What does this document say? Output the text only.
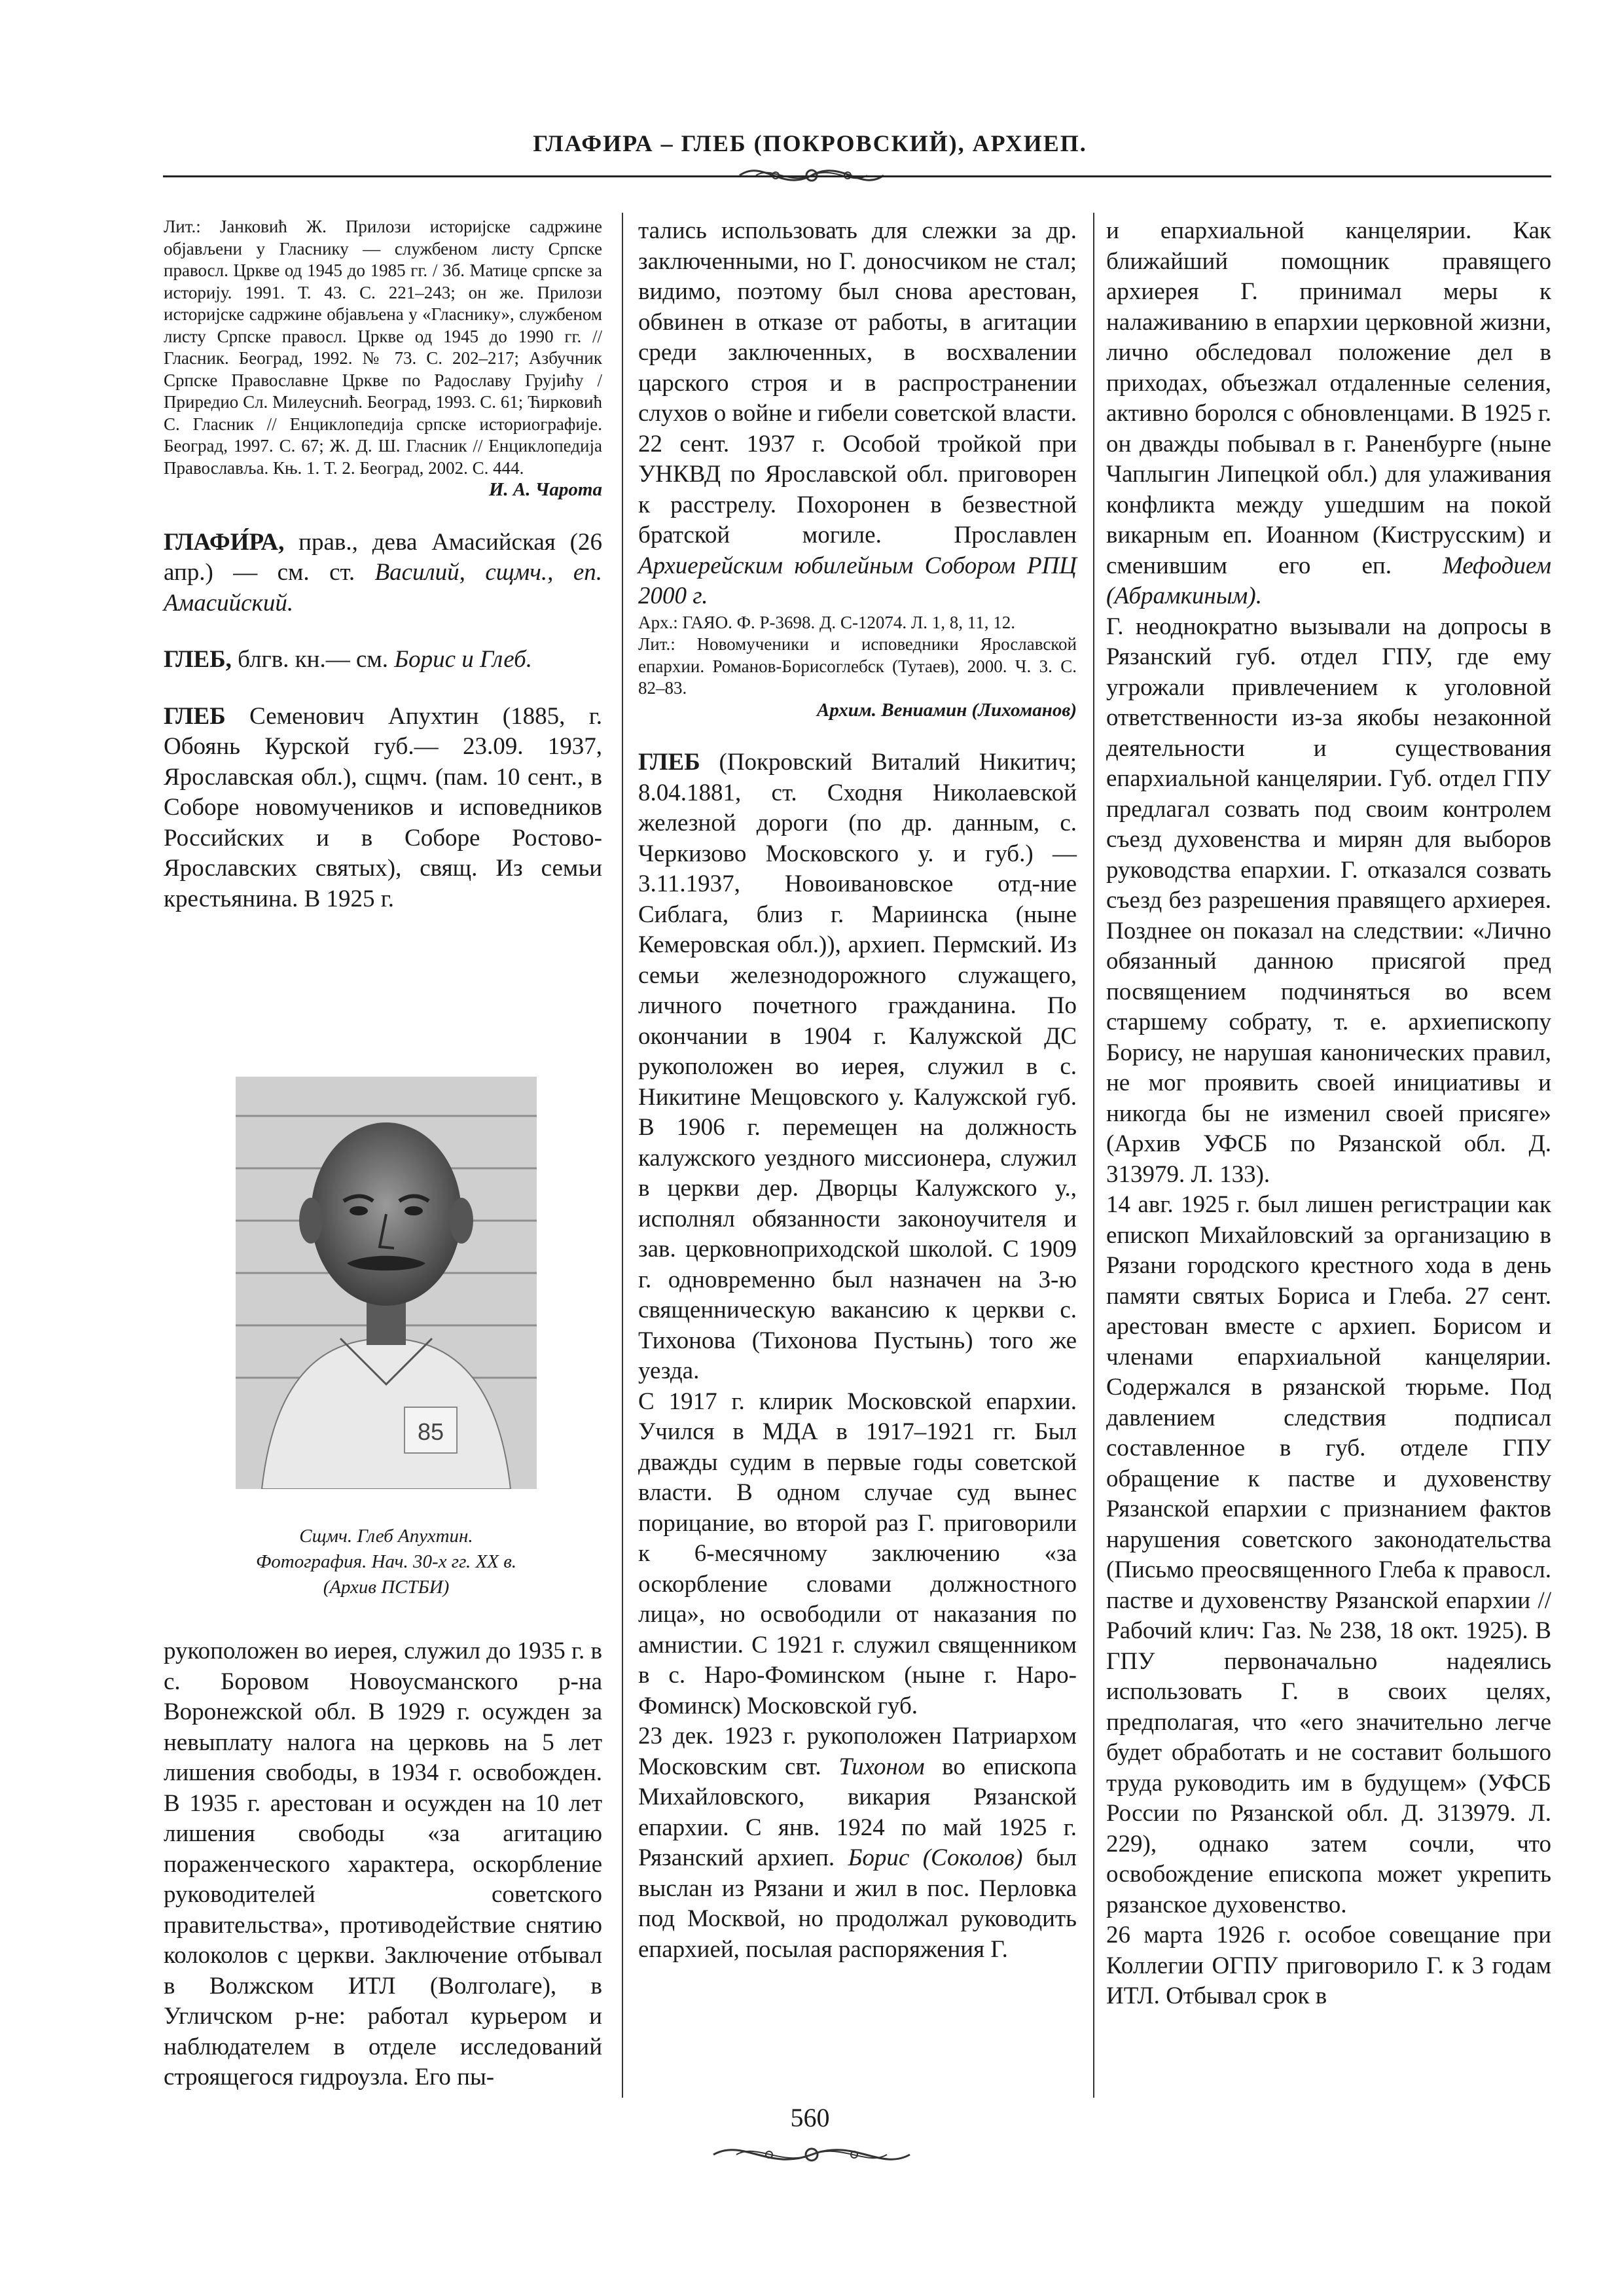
ГЛАФИРА – ГЛЕБ (ПОКРОВСКИЙ), АРХИЕП.

Лит.: Јанковић Ж. Прилози историјске садржине објављени у Гласнику — службеном листу Српске правосл. Цркве од 1945 до 1985 гг. / Зб. Матице српске за историју. 1991. Т. 43. С. 221–243; он же. Прилози историјске садржине објављена у «Гласнику», службеном листу Српске правосл. Цркве од 1945 до 1990 гг. // Гласник. Београд, 1992. № 73. С. 202–217; Азбучник Српске Православне Цркве по Радославу Грујићу / Приредио Сл. Милеуснић. Београд, 1993. С. 61; Ћирковић С. Гласник // Енциклопедија српске историографије. Београд, 1997. С. 67; Ж. Д. Ш. Гласник // Енциклопедија Православља. Књ. 1. Т. 2. Београд, 2002. С. 444.

И. А. Чарота

ГЛАФИ́РА, прав., дева Амасийская (26 апр.) — см. ст. Василий, сщмч., еп. Амасийский.

ГЛЕБ, блгв. кн.— см. Борис и Глеб.

ГЛЕБ Семенович Апухтин (1885, г. Обоянь Курской губ.— 23.09. 1937, Ярославская обл.), сщмч. (пам. 10 сент., в Соборе новомучеников и исповедников Российских и в Соборе Ростово-Ярославских святых), свящ. Из семьи крестьянина. В 1925 г.

85
Сщмч. Глеб Апухтин.
Фотография. Нач. 30-х гг. XX в.
(Архив ПСТБИ)

рукоположен во иерея, служил до 1935 г. в с. Боровом Новоусманского р-на Воронежской обл. В 1929 г. осужден за невыплату налога на церковь на 5 лет лишения свободы, в 1934 г. освобожден. В 1935 г. арестован и осужден на 10 лет лишения свободы «за агитацию пораженческого характера, оскорбление руководителей советского правительства», противодействие снятию колоколов с церкви. Заключение отбывал в Волжском ИТЛ (Волголаге), в Угличском р-не: работал курьером и наблюдателем в отделе исследований строящегося гидроузла. Его пы-

тались использовать для слежки за др. заключенными, но Г. доносчиком не стал; видимо, поэтому был снова арестован, обвинен в отказе от работы, в агитации среди заключенных, в восхвалении царского строя и в распространении слухов о войне и гибели советской власти. 22 сент. 1937 г. Особой тройкой при УНКВД по Ярославской обл. приговорен к расстрелу. Похоронен в безвестной братской могиле. Прославлен Архиерейским юбилейным Собором РПЦ 2000 г.

Арх.: ГАЯО. Ф. Р-3698. Д. С-12074. Л. 1, 8, 11, 12.

Лит.: Новомученики и исповедники Ярославской епархии. Романов-Борисоглебск (Тутаев), 2000. Ч. 3. С. 82–83.

Архим. Вениамин (Лихоманов)

ГЛЕБ (Покровский Виталий Никитич; 8.04.1881, ст. Сходня Николаевской железной дороги (по др. данным, с. Черкизово Московского у. и губ.) — 3.11.1937, Новоивановское отд-ние Сиблага, близ г. Мариинска (ныне Кемеровская обл.)), архиеп. Пермский. Из семьи железнодорожного служащего, личного почетного гражданина. По окончании в 1904 г. Калужской ДС рукоположен во иерея, служил в с. Никитине Мещовского у. Калужской губ. В 1906 г. перемещен на должность калужского уездного миссионера, служил в церкви дер. Дворцы Калужского у., исполнял обязанности законоучителя и зав. церковноприходской школой. С 1909 г. одновременно был назначен на 3-ю священническую вакансию к церкви с. Тихонова (Тихонова Пустынь) того же уезда.

С 1917 г. клирик Московской епархии. Учился в МДА в 1917–1921 гг. Был дважды судим в первые годы советской власти. В одном случае суд вынес порицание, во второй раз Г. приговорили к 6-месячному заключению «за оскорбление словами должностного лица», но освободили от наказания по амнистии. С 1921 г. служил священником в с. Наро-Фоминском (ныне г. Наро-Фоминск) Московской губ.

23 дек. 1923 г. рукоположен Патриархом Московским свт. Тихоном во епископа Михайловского, викария Рязанской епархии. С янв. 1924 по май 1925 г. Рязанский архиеп. Борис (Соколов) был выслан из Рязани и жил в пос. Перловка под Москвой, но продолжал руководить епархией, посылая распоряжения Г.

и епархиальной канцелярии. Как ближайший помощник правящего архиерея Г. принимал меры к налаживанию в епархии церковной жизни, лично обследовал положение дел в приходах, объезжал отдаленные селения, активно боролся с обновленцами. В 1925 г. он дважды побывал в г. Раненбурге (ныне Чаплыгин Липецкой обл.) для улаживания конфликта между ушедшим на покой викарным еп. Иоанном (Киструсским) и сменившим его еп. Мефодием (Абрамкиным).

Г. неоднократно вызывали на допросы в Рязанский губ. отдел ГПУ, где ему угрожали привлечением к уголовной ответственности из-за якобы незаконной деятельности и существования епархиальной канцелярии. Губ. отдел ГПУ предлагал созвать под своим контролем съезд духовенства и мирян для выборов руководства епархии. Г. отказался созвать съезд без разрешения правящего архиерея. Позднее он показал на следствии: «Лично обязанный данною присягой пред посвящением подчиняться во всем старшему собрату, т. е. архиепископу Борису, не нарушая канонических правил, не мог проявить своей инициативы и никогда бы не изменил своей присяге» (Архив УФСБ по Рязанской обл. Д. 313979. Л. 133).

14 авг. 1925 г. был лишен регистрации как епископ Михайловский за организацию в Рязани городского крестного хода в день памяти святых Бориса и Глеба. 27 сент. арестован вместе с архиеп. Борисом и членами епархиальной канцелярии. Содержался в рязанской тюрьме. Под давлением следствия подписал составленное в губ. отделе ГПУ обращение к пастве и духовенству Рязанской епархии с признанием фактов нарушения советского законодательства (Письмо преосвященного Глеба к правосл. пастве и духовенству Рязанской епархии // Рабочий клич: Газ. № 238, 18 окт. 1925). В ГПУ первоначально надеялись использовать Г. в своих целях, предполагая, что «его значительно легче будет обработать и не составит большого труда руководить им в будущем» (УФСБ России по Рязанской обл. Д. 313979. Л. 229), однако затем сочли, что освобождение епископа может укрепить рязанское духовенство.

26 марта 1926 г. особое совещание при Коллегии ОГПУ приговорило Г. к 3 годам ИТЛ. Отбывал срок в

560
